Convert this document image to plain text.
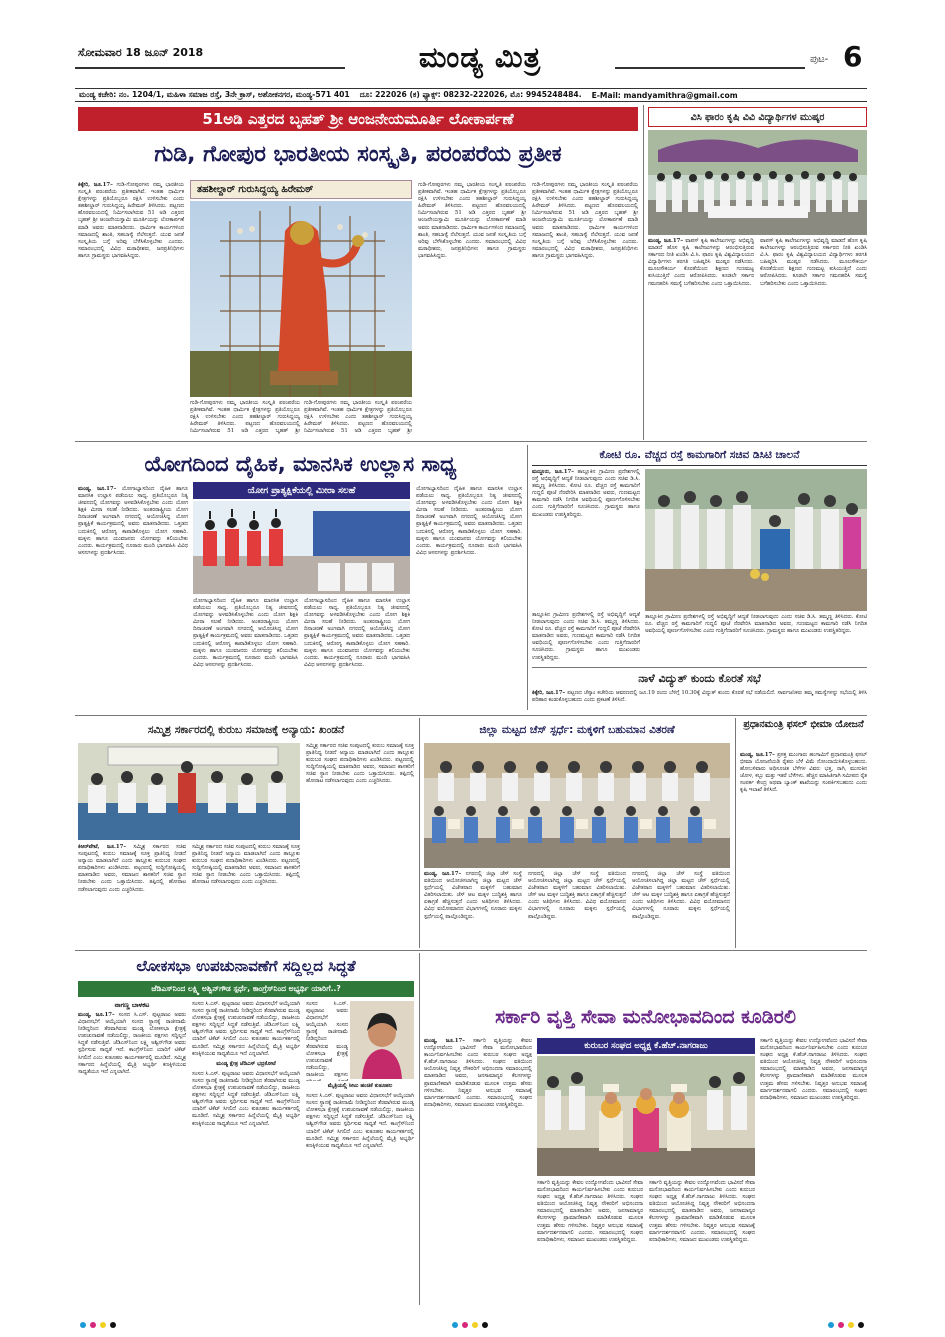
ಸೋಮವಾರ 18 ಜೂನ್ 2018	ಮಂಡ್ಯ ಮಿತ್ರ	ಪುಟ- 6
ಮಂಡ್ಯ ಕಚೇರಿ: ನಂ. 1204/1, ಮಹಿಳಾ ಸಮಾಜ ರಸ್ತೆ, 3ನೇ ಕ್ರಾಸ್, ಅಶೋಕನಗರ, ಮಂಡ್ಯ-571 401 ದೂ: 222026 (ಕ) ಫ್ಯಾಕ್ಸ್: 08232-222026, ಮೊ: 9945248484. E-Mail: mandyamithra@gmail.com
51ಅಡಿ ಎತ್ತರದ ಬೃಹತ್ ಶ್ರೀ ಆಂಜನೇಯಮೂರ್ತಿ ಲೋಕಾರ್ಪಣೆ
ಗುಡಿ, ಗೋಪುರ ಭಾರತೀಯ ಸಂಸ್ಕೃತಿ, ಪರಂಪರೆಯ ಪ್ರತೀಕ
ಕಿಕ್ಕೇರಿ, ಜೂ.17– ಗುಡಿ-ಗೋಪುರಗಳು ನಮ್ಮ ಭಾರತೀಯ ಸಂಸ್ಕೃತಿ ಪರಂಪರೆಯ ಪ್ರತೀಕವಾಗಿವೆ. ಇಂತಹ ಧಾರ್ಮಿಕ ಕ್ಷೇತ್ರಗಳನ್ನು ಪ್ರತಿಯೊಬ್ಬರೂ ರಕ್ಷಿಸಿ ಉಳಿಸಬೇಕು ಎಂದು ತಹಶೀಲ್ದಾರ್ ಗುರುಸಿದ್ದಯ್ಯ ಹಿರೇಮಠ್ ತಿಳಿಸಿದರು. ಪಟ್ಟಣದ ಹೊರವಲಯದಲ್ಲಿ ನಿರ್ಮಿಸಲಾಗಿರುವ 51 ಅಡಿ ಎತ್ತರದ ಬೃಹತ್ ಶ್ರೀ ಆಂಜನೇಯಸ್ವಾಮಿ ಮೂರ್ತಿಯನ್ನು ಲೋಕಾರ್ಪಣೆ ಮಾಡಿ ಅವರು ಮಾತನಾಡಿದರು. ಧಾರ್ಮಿಕ ಕಾರ್ಯಗಳಿಂದ ಸಮಾಜದಲ್ಲಿ ಶಾಂತಿ, ಸಹಬಾಳ್ವೆ ನೆಲೆಸುತ್ತದೆ. ಯುವ ಜನತೆ ಸಂಸ್ಕೃತಿಯ ಬಗ್ಗೆ ಅರಿವು ಬೆಳೆಸಿಕೊಳ್ಳಬೇಕು ಎಂದರು. ಸಮಾರಂಭದಲ್ಲಿ ವಿವಿಧ ಮಠಾಧೀಶರು, ಜನಪ್ರತಿನಿಧಿಗಳು ಹಾಗೂ ಗ್ರಾಮಸ್ಥರು ಭಾಗವಹಿಸಿದ್ದರು.
ತಹಶೀಲ್ದಾರ್ ಗುರುಸಿದ್ದಯ್ಯ ಹಿರೇಮಠ್
ಗುಡಿ-ಗೋಪುರಗಳು ನಮ್ಮ ಭಾರತೀಯ ಸಂಸ್ಕೃತಿ ಪರಂಪರೆಯ ಪ್ರತೀಕವಾಗಿವೆ. ಇಂತಹ ಧಾರ್ಮಿಕ ಕ್ಷೇತ್ರಗಳನ್ನು ಪ್ರತಿಯೊಬ್ಬರೂ ರಕ್ಷಿಸಿ ಉಳಿಸಬೇಕು ಎಂದು ತಹಶೀಲ್ದಾರ್ ಗುರುಸಿದ್ದಯ್ಯ ಹಿರೇಮಠ್ ತಿಳಿಸಿದರು. ಪಟ್ಟಣದ ಹೊರವಲಯದಲ್ಲಿ ನಿರ್ಮಿಸಲಾಗಿರುವ 51 ಅಡಿ ಎತ್ತರದ ಬೃಹತ್ ಶ್ರೀ
ಗುಡಿ-ಗೋಪುರಗಳು ನಮ್ಮ ಭಾರತೀಯ ಸಂಸ್ಕೃತಿ ಪರಂಪರೆಯ ಪ್ರತೀಕವಾಗಿವೆ. ಇಂತಹ ಧಾರ್ಮಿಕ ಕ್ಷೇತ್ರಗಳನ್ನು ಪ್ರತಿಯೊಬ್ಬರೂ ರಕ್ಷಿಸಿ ಉಳಿಸಬೇಕು ಎಂದು ತಹಶೀಲ್ದಾರ್ ಗುರುಸಿದ್ದಯ್ಯ ಹಿರೇಮಠ್ ತಿಳಿಸಿದರು. ಪಟ್ಟಣದ ಹೊರವಲಯದಲ್ಲಿ ನಿರ್ಮಿಸಲಾಗಿರುವ 51 ಅಡಿ ಎತ್ತರದ ಬೃಹತ್ ಶ್ರೀ
ಗುಡಿ-ಗೋಪುರಗಳು ನಮ್ಮ ಭಾರತೀಯ ಸಂಸ್ಕೃತಿ ಪರಂಪರೆಯ ಪ್ರತೀಕವಾಗಿವೆ. ಇಂತಹ ಧಾರ್ಮಿಕ ಕ್ಷೇತ್ರಗಳನ್ನು ಪ್ರತಿಯೊಬ್ಬರೂ ರಕ್ಷಿಸಿ ಉಳಿಸಬೇಕು ಎಂದು ತಹಶೀಲ್ದಾರ್ ಗುರುಸಿದ್ದಯ್ಯ ಹಿರೇಮಠ್ ತಿಳಿಸಿದರು. ಪಟ್ಟಣದ ಹೊರವಲಯದಲ್ಲಿ ನಿರ್ಮಿಸಲಾಗಿರುವ 51 ಅಡಿ ಎತ್ತರದ ಬೃಹತ್ ಶ್ರೀ ಆಂಜನೇಯಸ್ವಾಮಿ ಮೂರ್ತಿಯನ್ನು ಲೋಕಾರ್ಪಣೆ ಮಾಡಿ ಅವರು ಮಾತನಾಡಿದರು. ಧಾರ್ಮಿಕ ಕಾರ್ಯಗಳಿಂದ ಸಮಾಜದಲ್ಲಿ ಶಾಂತಿ, ಸಹಬಾಳ್ವೆ ನೆಲೆಸುತ್ತದೆ. ಯುವ ಜನತೆ ಸಂಸ್ಕೃತಿಯ ಬಗ್ಗೆ ಅರಿವು ಬೆಳೆಸಿಕೊಳ್ಳಬೇಕು ಎಂದರು. ಸಮಾರಂಭದಲ್ಲಿ ವಿವಿಧ ಮಠಾಧೀಶರು, ಜನಪ್ರತಿನಿಧಿಗಳು ಹಾಗೂ ಗ್ರಾಮಸ್ಥರು ಭಾಗವಹಿಸಿದ್ದರು.
ಗುಡಿ-ಗೋಪುರಗಳು ನಮ್ಮ ಭಾರತೀಯ ಸಂಸ್ಕೃತಿ ಪರಂಪರೆಯ ಪ್ರತೀಕವಾಗಿವೆ. ಇಂತಹ ಧಾರ್ಮಿಕ ಕ್ಷೇತ್ರಗಳನ್ನು ಪ್ರತಿಯೊಬ್ಬರೂ ರಕ್ಷಿಸಿ ಉಳಿಸಬೇಕು ಎಂದು ತಹಶೀಲ್ದಾರ್ ಗುರುಸಿದ್ದಯ್ಯ ಹಿರೇಮಠ್ ತಿಳಿಸಿದರು. ಪಟ್ಟಣದ ಹೊರವಲಯದಲ್ಲಿ ನಿರ್ಮಿಸಲಾಗಿರುವ 51 ಅಡಿ ಎತ್ತರದ ಬೃಹತ್ ಶ್ರೀ ಆಂಜನೇಯಸ್ವಾಮಿ ಮೂರ್ತಿಯನ್ನು ಲೋಕಾರ್ಪಣೆ ಮಾಡಿ ಅವರು ಮಾತನಾಡಿದರು. ಧಾರ್ಮಿಕ ಕಾರ್ಯಗಳಿಂದ ಸಮಾಜದಲ್ಲಿ ಶಾಂತಿ, ಸಹಬಾಳ್ವೆ ನೆಲೆಸುತ್ತದೆ. ಯುವ ಜನತೆ ಸಂಸ್ಕೃತಿಯ ಬಗ್ಗೆ ಅರಿವು ಬೆಳೆಸಿಕೊಳ್ಳಬೇಕು ಎಂದರು. ಸಮಾರಂಭದಲ್ಲಿ ವಿವಿಧ ಮಠಾಧೀಶರು, ಜನಪ್ರತಿನಿಧಿಗಳು ಹಾಗೂ ಗ್ರಾಮಸ್ಥರು ಭಾಗವಹಿಸಿದ್ದರು.
ವಿಸಿ ಫಾರಂ ಕೃಷಿ ವಿವಿ ವಿದ್ಯಾರ್ಥಿಗಳ ಮುಷ್ಕರ
ಮಂಡ್ಯ, ಜೂ.17– ವಾಪಸ್ ಕೃಷಿ ಕಾಲೇಜುಗಳನ್ನು ಅಭಿವೃದ್ಧಿ ಮಾಡದೆ ಹೊಸ ಕೃಷಿ ಕಾಲೇಜುಗಳನ್ನು ಆರಂಭಿಸುತ್ತಿರುವ ಸರ್ಕಾರದ ನೀತಿ ಖಂಡಿಸಿ ವಿ.ಸಿ. ಫಾರಂ ಕೃಷಿ ವಿಶ್ವವಿದ್ಯಾಲಯದ ವಿದ್ಯಾರ್ಥಿಗಳು ತರಗತಿ ಬಹಿಷ್ಕರಿಸಿ ಮುಷ್ಕರ ನಡೆಸಿದರು. ಮೂಲಸೌಕರ್ಯ ಕೊರತೆಯಿಂದ ಶಿಕ್ಷಣದ ಗುಣಮಟ್ಟ ಕುಸಿಯುತ್ತಿದೆ ಎಂದು ಆರೋಪಿಸಿದರು. ಕೂಡಲೇ ಸರ್ಕಾರ ಗಮನಹರಿಸಿ ಸಮಸ್ಯೆ ಬಗೆಹರಿಸಬೇಕು ಎಂದು ಒತ್ತಾಯಿಸಿದರು.
ವಾಪಸ್ ಕೃಷಿ ಕಾಲೇಜುಗಳನ್ನು ಅಭಿವೃದ್ಧಿ ಮಾಡದೆ ಹೊಸ ಕೃಷಿ ಕಾಲೇಜುಗಳನ್ನು ಆರಂಭಿಸುತ್ತಿರುವ ಸರ್ಕಾರದ ನೀತಿ ಖಂಡಿಸಿ ವಿ.ಸಿ. ಫಾರಂ ಕೃಷಿ ವಿಶ್ವವಿದ್ಯಾಲಯದ ವಿದ್ಯಾರ್ಥಿಗಳು ತರಗತಿ ಬಹಿಷ್ಕರಿಸಿ ಮುಷ್ಕರ ನಡೆಸಿದರು. ಮೂಲಸೌಕರ್ಯ ಕೊರತೆಯಿಂದ ಶಿಕ್ಷಣದ ಗುಣಮಟ್ಟ ಕುಸಿಯುತ್ತಿದೆ ಎಂದು ಆರೋಪಿಸಿದರು. ಕೂಡಲೇ ಸರ್ಕಾರ ಗಮನಹರಿಸಿ ಸಮಸ್ಯೆ ಬಗೆಹರಿಸಬೇಕು ಎಂದು ಒತ್ತಾಯಿಸಿದರು.
ಯೋಗದಿಂದ ದೈಹಿಕ, ಮಾನಸಿಕ ಉಲ್ಲಾಸ ಸಾಧ್ಯ
ಮಂಡ್ಯ, ಜೂ.17– ಯೋಗಾಭ್ಯಾಸದಿಂದ ದೈಹಿಕ ಹಾಗೂ ಮಾನಸಿಕ ಉಲ್ಲಾಸ ಪಡೆಯಲು ಸಾಧ್ಯ. ಪ್ರತಿಯೊಬ್ಬರೂ ನಿತ್ಯ ಜೀವನದಲ್ಲಿ ಯೋಗವನ್ನು ಅಳವಡಿಸಿಕೊಳ್ಳಬೇಕು ಎಂದು ಯೋಗ ಶಿಕ್ಷಕಿ ಮೀರಾ ಸಲಹೆ ನೀಡಿದರು. ಅಂತರರಾಷ್ಟ್ರೀಯ ಯೋಗ ದಿನಾಚರಣೆ ಅಂಗವಾಗಿ ನಗರದಲ್ಲಿ ಆಯೋಜಿಸಿದ್ದ ಯೋಗ ಪ್ರಾತ್ಯಕ್ಷಿಕೆ ಕಾರ್ಯಕ್ರಮದಲ್ಲಿ ಅವರು ಮಾತನಾಡಿದರು. ಒತ್ತಡದ ಬದುಕಿನಲ್ಲಿ ಆರೋಗ್ಯ ಕಾಪಾಡಿಕೊಳ್ಳಲು ಯೋಗ ಸಹಕಾರಿ. ಮಕ್ಕಳು ಹಾಗೂ ಯುವಜನರು ಯೋಗವನ್ನು ಕಲಿಯಬೇಕು ಎಂದರು. ಕಾರ್ಯಕ್ರಮದಲ್ಲಿ ನೂರಾರು ಮಂದಿ ಭಾಗವಹಿಸಿ ವಿವಿಧ ಆಸನಗಳನ್ನು ಪ್ರದರ್ಶಿಸಿದರು.
ಯೋಗ ಪ್ರಾತ್ಯಕ್ಷಿಕೆಯಲ್ಲಿ ಮೀರಾ ಸಲಹೆ
ಯೋಗಾಭ್ಯಾಸದಿಂದ ದೈಹಿಕ ಹಾಗೂ ಮಾನಸಿಕ ಉಲ್ಲಾಸ ಪಡೆಯಲು ಸಾಧ್ಯ. ಪ್ರತಿಯೊಬ್ಬರೂ ನಿತ್ಯ ಜೀವನದಲ್ಲಿ ಯೋಗವನ್ನು ಅಳವಡಿಸಿಕೊಳ್ಳಬೇಕು ಎಂದು ಯೋಗ ಶಿಕ್ಷಕಿ ಮೀರಾ ಸಲಹೆ ನೀಡಿದರು. ಅಂತರರಾಷ್ಟ್ರೀಯ ಯೋಗ ದಿನಾಚರಣೆ ಅಂಗವಾಗಿ ನಗರದಲ್ಲಿ ಆಯೋಜಿಸಿದ್ದ ಯೋಗ ಪ್ರಾತ್ಯಕ್ಷಿಕೆ ಕಾರ್ಯಕ್ರಮದಲ್ಲಿ ಅವರು ಮಾತನಾಡಿದರು. ಒತ್ತಡದ ಬದುಕಿನಲ್ಲಿ ಆರೋಗ್ಯ ಕಾಪಾಡಿಕೊಳ್ಳಲು ಯೋಗ ಸಹಕಾರಿ. ಮಕ್ಕಳು ಹಾಗೂ ಯುವಜನರು ಯೋಗವನ್ನು ಕಲಿಯಬೇಕು ಎಂದರು. ಕಾರ್ಯಕ್ರಮದಲ್ಲಿ ನೂರಾರು ಮಂದಿ ಭಾಗವಹಿಸಿ ವಿವಿಧ ಆಸನಗಳನ್ನು ಪ್ರದರ್ಶಿಸಿದರು.
ಯೋಗಾಭ್ಯಾಸದಿಂದ ದೈಹಿಕ ಹಾಗೂ ಮಾನಸಿಕ ಉಲ್ಲಾಸ ಪಡೆಯಲು ಸಾಧ್ಯ. ಪ್ರತಿಯೊಬ್ಬರೂ ನಿತ್ಯ ಜೀವನದಲ್ಲಿ ಯೋಗವನ್ನು ಅಳವಡಿಸಿಕೊಳ್ಳಬೇಕು ಎಂದು ಯೋಗ ಶಿಕ್ಷಕಿ ಮೀರಾ ಸಲಹೆ ನೀಡಿದರು. ಅಂತರರಾಷ್ಟ್ರೀಯ ಯೋಗ ದಿನಾಚರಣೆ ಅಂಗವಾಗಿ ನಗರದಲ್ಲಿ ಆಯೋಜಿಸಿದ್ದ ಯೋಗ ಪ್ರಾತ್ಯಕ್ಷಿಕೆ ಕಾರ್ಯಕ್ರಮದಲ್ಲಿ ಅವರು ಮಾತನಾಡಿದರು. ಒತ್ತಡದ ಬದುಕಿನಲ್ಲಿ ಆರೋಗ್ಯ ಕಾಪಾಡಿಕೊಳ್ಳಲು ಯೋಗ ಸಹಕಾರಿ. ಮಕ್ಕಳು ಹಾಗೂ ಯುವಜನರು ಯೋಗವನ್ನು ಕಲಿಯಬೇಕು ಎಂದರು. ಕಾರ್ಯಕ್ರಮದಲ್ಲಿ ನೂರಾರು ಮಂದಿ ಭಾಗವಹಿಸಿ ವಿವಿಧ ಆಸನಗಳನ್ನು ಪ್ರದರ್ಶಿಸಿದರು.
ಯೋಗಾಭ್ಯಾಸದಿಂದ ದೈಹಿಕ ಹಾಗೂ ಮಾನಸಿಕ ಉಲ್ಲಾಸ ಪಡೆಯಲು ಸಾಧ್ಯ. ಪ್ರತಿಯೊಬ್ಬರೂ ನಿತ್ಯ ಜೀವನದಲ್ಲಿ ಯೋಗವನ್ನು ಅಳವಡಿಸಿಕೊಳ್ಳಬೇಕು ಎಂದು ಯೋಗ ಶಿಕ್ಷಕಿ ಮೀರಾ ಸಲಹೆ ನೀಡಿದರು. ಅಂತರರಾಷ್ಟ್ರೀಯ ಯೋಗ ದಿನಾಚರಣೆ ಅಂಗವಾಗಿ ನಗರದಲ್ಲಿ ಆಯೋಜಿಸಿದ್ದ ಯೋಗ ಪ್ರಾತ್ಯಕ್ಷಿಕೆ ಕಾರ್ಯಕ್ರಮದಲ್ಲಿ ಅವರು ಮಾತನಾಡಿದರು. ಒತ್ತಡದ ಬದುಕಿನಲ್ಲಿ ಆರೋಗ್ಯ ಕಾಪಾಡಿಕೊಳ್ಳಲು ಯೋಗ ಸಹಕಾರಿ. ಮಕ್ಕಳು ಹಾಗೂ ಯುವಜನರು ಯೋಗವನ್ನು ಕಲಿಯಬೇಕು ಎಂದರು. ಕಾರ್ಯಕ್ರಮದಲ್ಲಿ ನೂರಾರು ಮಂದಿ ಭಾಗವಹಿಸಿ ವಿವಿಧ ಆಸನಗಳನ್ನು ಪ್ರದರ್ಶಿಸಿದರು.
ಕೋಟಿ ರೂ. ವೆಚ್ಚದ ರಸ್ತೆ ಕಾಮಗಾರಿಗೆ ಸಚಿವ ಡಿಸಿಟಿ ಚಾಲನೆ
ಮದ್ದೂರು, ಜೂ.17– ತಾಲ್ಲೂಕಿನ ಗ್ರಾಮೀಣ ಪ್ರದೇಶಗಳಲ್ಲಿ ರಸ್ತೆ ಅಭಿವೃದ್ಧಿಗೆ ಆದ್ಯತೆ ನೀಡಲಾಗುವುದು ಎಂದು ಸಚಿವ ಡಿ.ಸಿ. ತಮ್ಮಣ್ಣ ತಿಳಿಸಿದರು. ಕೋಟಿ ರೂ. ವೆಚ್ಚದ ರಸ್ತೆ ಕಾಮಗಾರಿಗೆ ಗುದ್ದಲಿ ಪೂಜೆ ನೆರವೇರಿಸಿ ಮಾತನಾಡಿದ ಅವರು, ಗುಣಮಟ್ಟದ ಕಾಮಗಾರಿ ನಡೆಸಿ ನಿಗದಿತ ಅವಧಿಯಲ್ಲಿ ಪೂರ್ಣಗೊಳಿಸಬೇಕು ಎಂದು ಗುತ್ತಿಗೆದಾರರಿಗೆ ಸೂಚಿಸಿದರು. ಗ್ರಾಮಸ್ಥರು ಹಾಗೂ ಮುಖಂಡರು ಉಪಸ್ಥಿತರಿದ್ದರು.
ತಾಲ್ಲೂಕಿನ ಗ್ರಾಮೀಣ ಪ್ರದೇಶಗಳಲ್ಲಿ ರಸ್ತೆ ಅಭಿವೃದ್ಧಿಗೆ ಆದ್ಯತೆ ನೀಡಲಾಗುವುದು ಎಂದು ಸಚಿವ ಡಿ.ಸಿ. ತಮ್ಮಣ್ಣ ತಿಳಿಸಿದರು. ಕೋಟಿ ರೂ. ವೆಚ್ಚದ ರಸ್ತೆ ಕಾಮಗಾರಿಗೆ ಗುದ್ದಲಿ ಪೂಜೆ ನೆರವೇರಿಸಿ ಮಾತನಾಡಿದ ಅವರು, ಗುಣಮಟ್ಟದ ಕಾಮಗಾರಿ ನಡೆಸಿ ನಿಗದಿತ ಅವಧಿಯಲ್ಲಿ ಪೂರ್ಣಗೊಳಿಸಬೇಕು ಎಂದು ಗುತ್ತಿಗೆದಾರರಿಗೆ ಸೂಚಿಸಿದರು. ಗ್ರಾಮಸ್ಥರು ಹಾಗೂ ಮುಖಂಡರು ಉಪಸ್ಥಿತರಿದ್ದರು.
ತಾಲ್ಲೂಕಿನ ಗ್ರಾಮೀಣ ಪ್ರದೇಶಗಳಲ್ಲಿ ರಸ್ತೆ ಅಭಿವೃದ್ಧಿಗೆ ಆದ್ಯತೆ ನೀಡಲಾಗುವುದು ಎಂದು ಸಚಿವ ಡಿ.ಸಿ. ತಮ್ಮಣ್ಣ ತಿಳಿಸಿದರು. ಕೋಟಿ ರೂ. ವೆಚ್ಚದ ರಸ್ತೆ ಕಾಮಗಾರಿಗೆ ಗುದ್ದಲಿ ಪೂಜೆ ನೆರವೇರಿಸಿ ಮಾತನಾಡಿದ ಅವರು, ಗುಣಮಟ್ಟದ ಕಾಮಗಾರಿ ನಡೆಸಿ ನಿಗದಿತ ಅವಧಿಯಲ್ಲಿ ಪೂರ್ಣಗೊಳಿಸಬೇಕು ಎಂದು ಗುತ್ತಿಗೆದಾರರಿಗೆ ಸೂಚಿಸಿದರು. ಗ್ರಾಮಸ್ಥರು ಹಾಗೂ ಮುಖಂಡರು ಉಪಸ್ಥಿತರಿದ್ದರು.
ನಾಳೆ ವಿದ್ಯುತ್ ಕುಂದು ಕೊರತೆ ಸಭೆ
ಕಿಕ್ಕೇರಿ, ಜೂ.17– ಪಟ್ಟಣದ ಚೆಸ್ಕಾಂ ಕಚೇರಿಯ ಆವರಣದಲ್ಲಿ ಜೂ.19 ರಂದು ಬೆಳಿಗ್ಗೆ 10.30ಕ್ಕೆ ವಿದ್ಯುತ್ ಕುಂದು ಕೊರತೆ ಸಭೆ ನಡೆಯಲಿದೆ. ಸಾರ್ವಜನಿಕರು ತಮ್ಮ ಸಮಸ್ಯೆಗಳನ್ನು ಸಭೆಯಲ್ಲಿ ತಿಳಿಸಿ ಪರಿಹಾರ ಕಂಡುಕೊಳ್ಳಬಹುದು ಎಂದು ಪ್ರಕಟಣೆ ತಿಳಿಸಿದೆ.
ಸಮ್ಮಿಶ್ರ ಸರ್ಕಾರದಲ್ಲಿ ಕುರುಬ ಸಮಾಜಕ್ಕೆ ಅನ್ಯಾಯ: ಖಂಡನೆ
ಕಿಆರ್‌ಪೇಟೆ, ಜೂ.17– ಸಮ್ಮಿಶ್ರ ಸರ್ಕಾರದ ಸಚಿವ ಸಂಪುಟದಲ್ಲಿ ಕುರುಬ ಸಮಾಜಕ್ಕೆ ಸೂಕ್ತ ಪ್ರಾತಿನಿಧ್ಯ ನೀಡದೆ ಅನ್ಯಾಯ ಮಾಡಲಾಗಿದೆ ಎಂದು ತಾಲ್ಲೂಕು ಕುರುಬರ ಸಂಘದ ಪದಾಧಿಕಾರಿಗಳು ಖಂಡಿಸಿದರು. ಪಟ್ಟಣದಲ್ಲಿ ಸುದ್ದಿಗೋಷ್ಠಿಯಲ್ಲಿ ಮಾತನಾಡಿದ ಅವರು, ಸಮಾಜದ ಶಾಸಕರಿಗೆ ಸಚಿವ ಸ್ಥಾನ ನೀಡಬೇಕು ಎಂದು ಒತ್ತಾಯಿಸಿದರು. ತಪ್ಪಿದಲ್ಲಿ ಹೋರಾಟ ನಡೆಸಲಾಗುವುದು ಎಂದು ಎಚ್ಚರಿಸಿದರು.
ಸಮ್ಮಿಶ್ರ ಸರ್ಕಾರದ ಸಚಿವ ಸಂಪುಟದಲ್ಲಿ ಕುರುಬ ಸಮಾಜಕ್ಕೆ ಸೂಕ್ತ ಪ್ರಾತಿನಿಧ್ಯ ನೀಡದೆ ಅನ್ಯಾಯ ಮಾಡಲಾಗಿದೆ ಎಂದು ತಾಲ್ಲೂಕು ಕುರುಬರ ಸಂಘದ ಪದಾಧಿಕಾರಿಗಳು ಖಂಡಿಸಿದರು. ಪಟ್ಟಣದಲ್ಲಿ ಸುದ್ದಿಗೋಷ್ಠಿಯಲ್ಲಿ ಮಾತನಾಡಿದ ಅವರು, ಸಮಾಜದ ಶಾಸಕರಿಗೆ ಸಚಿವ ಸ್ಥಾನ ನೀಡಬೇಕು ಎಂದು ಒತ್ತಾಯಿಸಿದರು. ತಪ್ಪಿದಲ್ಲಿ ಹೋರಾಟ ನಡೆಸಲಾಗುವುದು ಎಂದು ಎಚ್ಚರಿಸಿದರು.
ಸಮ್ಮಿಶ್ರ ಸರ್ಕಾರದ ಸಚಿವ ಸಂಪುಟದಲ್ಲಿ ಕುರುಬ ಸಮಾಜಕ್ಕೆ ಸೂಕ್ತ ಪ್ರಾತಿನಿಧ್ಯ ನೀಡದೆ ಅನ್ಯಾಯ ಮಾಡಲಾಗಿದೆ ಎಂದು ತಾಲ್ಲೂಕು ಕುರುಬರ ಸಂಘದ ಪದಾಧಿಕಾರಿಗಳು ಖಂಡಿಸಿದರು. ಪಟ್ಟಣದಲ್ಲಿ ಸುದ್ದಿಗೋಷ್ಠಿಯಲ್ಲಿ ಮಾತನಾಡಿದ ಅವರು, ಸಮಾಜದ ಶಾಸಕರಿಗೆ ಸಚಿವ ಸ್ಥಾನ ನೀಡಬೇಕು ಎಂದು ಒತ್ತಾಯಿಸಿದರು. ತಪ್ಪಿದಲ್ಲಿ ಹೋರಾಟ ನಡೆಸಲಾಗುವುದು ಎಂದು ಎಚ್ಚರಿಸಿದರು.
ಜಿಲ್ಲಾ ಮಟ್ಟದ ಚೆಸ್ ಸ್ಪರ್ಧೆ: ಮಕ್ಕಳಿಗೆ ಬಹುಮಾನ ವಿತರಣೆ
ಮಂಡ್ಯ, ಜೂ.17– ನಗರದಲ್ಲಿ ಜಿಲ್ಲಾ ಚೆಸ್ ಸಂಸ್ಥೆ ವತಿಯಿಂದ ಆಯೋಜಿಸಲಾಗಿದ್ದ ಜಿಲ್ಲಾ ಮಟ್ಟದ ಚೆಸ್ ಸ್ಪರ್ಧೆಯಲ್ಲಿ ವಿಜೇತರಾದ ಮಕ್ಕಳಿಗೆ ಬಹುಮಾನ ವಿತರಿಸಲಾಯಿತು. ಚೆಸ್ ಆಟ ಮಕ್ಕಳ ಬುದ್ಧಿಶಕ್ತಿ ಹಾಗೂ ಏಕಾಗ್ರತೆ ಹೆಚ್ಚಿಸುತ್ತದೆ ಎಂದು ಅತಿಥಿಗಳು ತಿಳಿಸಿದರು. ವಿವಿಧ ವಯೋಮಾನದ ವಿಭಾಗಗಳಲ್ಲಿ ನೂರಾರು ಮಕ್ಕಳು ಸ್ಪರ್ಧೆಯಲ್ಲಿ ಪಾಲ್ಗೊಂಡಿದ್ದರು.
ನಗರದಲ್ಲಿ ಜಿಲ್ಲಾ ಚೆಸ್ ಸಂಸ್ಥೆ ವತಿಯಿಂದ ಆಯೋಜಿಸಲಾಗಿದ್ದ ಜಿಲ್ಲಾ ಮಟ್ಟದ ಚೆಸ್ ಸ್ಪರ್ಧೆಯಲ್ಲಿ ವಿಜೇತರಾದ ಮಕ್ಕಳಿಗೆ ಬಹುಮಾನ ವಿತರಿಸಲಾಯಿತು. ಚೆಸ್ ಆಟ ಮಕ್ಕಳ ಬುದ್ಧಿಶಕ್ತಿ ಹಾಗೂ ಏಕಾಗ್ರತೆ ಹೆಚ್ಚಿಸುತ್ತದೆ ಎಂದು ಅತಿಥಿಗಳು ತಿಳಿಸಿದರು. ವಿವಿಧ ವಯೋಮಾನದ ವಿಭಾಗಗಳಲ್ಲಿ ನೂರಾರು ಮಕ್ಕಳು ಸ್ಪರ್ಧೆಯಲ್ಲಿ ಪಾಲ್ಗೊಂಡಿದ್ದರು.
ನಗರದಲ್ಲಿ ಜಿಲ್ಲಾ ಚೆಸ್ ಸಂಸ್ಥೆ ವತಿಯಿಂದ ಆಯೋಜಿಸಲಾಗಿದ್ದ ಜಿಲ್ಲಾ ಮಟ್ಟದ ಚೆಸ್ ಸ್ಪರ್ಧೆಯಲ್ಲಿ ವಿಜೇತರಾದ ಮಕ್ಕಳಿಗೆ ಬಹುಮಾನ ವಿತರಿಸಲಾಯಿತು. ಚೆಸ್ ಆಟ ಮಕ್ಕಳ ಬುದ್ಧಿಶಕ್ತಿ ಹಾಗೂ ಏಕಾಗ್ರತೆ ಹೆಚ್ಚಿಸುತ್ತದೆ ಎಂದು ಅತಿಥಿಗಳು ತಿಳಿಸಿದರು. ವಿವಿಧ ವಯೋಮಾನದ ವಿಭಾಗಗಳಲ್ಲಿ ನೂರಾರು ಮಕ್ಕಳು ಸ್ಪರ್ಧೆಯಲ್ಲಿ ಪಾಲ್ಗೊಂಡಿದ್ದರು.
ಪ್ರಧಾನಮಂತ್ರಿ ಫಸಲ್ ಭೀಮಾ ಯೋಜನೆ
ಮಂಡ್ಯ, ಜೂ.17– ಪ್ರಸಕ್ತ ಮುಂಗಾರು ಹಂಗಾಮಿಗೆ ಪ್ರಧಾನಮಂತ್ರಿ ಫಸಲ್ ಭೀಮಾ ಯೋಜನೆಯಡಿ ರೈತರು ಬೆಳೆ ವಿಮೆ ನೋಂದಾಯಿಸಿಕೊಳ್ಳಬಹುದು. ಹೋಬಳಿವಾರು ಅಧಿಸೂಚಿತ ಬೆಳೆಗಳ ವಿವರ: ಭತ್ತ, ರಾಗಿ, ಮುಸುಕಿನ ಜೋಳ, ಕಬ್ಬು ಮತ್ತು ಇತರೆ ಬೆಳೆಗಳು. ಹೆಚ್ಚಿನ ಮಾಹಿತಿಗಾಗಿ ಸಮೀಪದ ರೈತ ಸಂಪರ್ಕ ಕೇಂದ್ರ ಅಥವಾ ಬ್ಯಾಂಕ್ ಶಾಖೆಯನ್ನು ಸಂಪರ್ಕಿಸಬಹುದು ಎಂದು ಕೃಷಿ ಇಲಾಖೆ ತಿಳಿಸಿದೆ.
ಲೋಕಸಭಾ ಉಪಚುನಾವಣೆಗೆ ಸದ್ದಿಲ್ಲದ ಸಿದ್ಧತೆ
ಜೆಡಿಎಸ್‌ನಿಂದ ಲಕ್ಷ್ಮಿ ಅಶ್ವಿನ್‌ಗೌಡ ಸ್ಪರ್ಧೆ, ಕಾಂಗ್ರೆಸ್‌ನಿಂದ ಅಭ್ಯರ್ಥಿ ಯಾರಿಗೆ..?
ನಾಗಣ್ಣ ಬಾಳಕಟ
ಮಂಡ್ಯ, ಜೂ.17– ಸಂಸದ ಸಿ.ಎಸ್. ಪುಟ್ಟರಾಜು ಅವರು ವಿಧಾನಸಭೆಗೆ ಆಯ್ಕೆಯಾಗಿ ಸಂಸದ ಸ್ಥಾನಕ್ಕೆ ರಾಜೀನಾಮೆ ನೀಡಿದ್ದರಿಂದ ತೆರವಾಗಿರುವ ಮಂಡ್ಯ ಲೋಕಸಭಾ ಕ್ಷೇತ್ರಕ್ಕೆ ಉಪಚುನಾವಣೆ ನಡೆಯಲಿದ್ದು, ರಾಜಕೀಯ ಪಕ್ಷಗಳು ಸದ್ದಿಲ್ಲದೆ ಸಿದ್ಧತೆ ನಡೆಸುತ್ತಿವೆ. ಜೆಡಿಎಸ್‌ನಿಂದ ಲಕ್ಷ್ಮಿ ಅಶ್ವಿನ್‌ಗೌಡ ಅವರು ಸ್ಪರ್ಧಿಸುವ ಸಾಧ್ಯತೆ ಇದೆ. ಕಾಂಗ್ರೆಸ್‌ನಿಂದ ಯಾರಿಗೆ ಟಿಕೆಟ್ ಸಿಗಲಿದೆ ಎಂಬ ಕುತೂಹಲ ಕಾರ್ಯಕರ್ತರಲ್ಲಿ ಮೂಡಿದೆ. ಸಮ್ಮಿಶ್ರ ಸರ್ಕಾರದ ಹಿನ್ನೆಲೆಯಲ್ಲಿ ಮೈತ್ರಿ ಅಭ್ಯರ್ಥಿ ಕಣಕ್ಕಿಳಿಯುವ ಸಾಧ್ಯತೆಯೂ ಇದೆ ಎನ್ನಲಾಗಿದೆ.
ಸಂಸದ ಸಿ.ಎಸ್. ಪುಟ್ಟರಾಜು ಅವರು ವಿಧಾನಸಭೆಗೆ ಆಯ್ಕೆಯಾಗಿ ಸಂಸದ ಸ್ಥಾನಕ್ಕೆ ರಾಜೀನಾಮೆ ನೀಡಿದ್ದರಿಂದ ತೆರವಾಗಿರುವ ಮಂಡ್ಯ ಲೋಕಸಭಾ ಕ್ಷೇತ್ರಕ್ಕೆ ಉಪಚುನಾವಣೆ ನಡೆಯಲಿದ್ದು, ರಾಜಕೀಯ ಪಕ್ಷಗಳು ಸದ್ದಿಲ್ಲದೆ ಸಿದ್ಧತೆ ನಡೆಸುತ್ತಿವೆ. ಜೆಡಿಎಸ್‌ನಿಂದ ಲಕ್ಷ್ಮಿ ಅಶ್ವಿನ್‌ಗೌಡ ಅವರು ಸ್ಪರ್ಧಿಸುವ ಸಾಧ್ಯತೆ ಇದೆ. ಕಾಂಗ್ರೆಸ್‌ನಿಂದ ಯಾರಿಗೆ ಟಿಕೆಟ್ ಸಿಗಲಿದೆ ಎಂಬ ಕುತೂಹಲ ಕಾರ್ಯಕರ್ತರಲ್ಲಿ ಮೂಡಿದೆ. ಸಮ್ಮಿಶ್ರ ಸರ್ಕಾರದ ಹಿನ್ನೆಲೆಯಲ್ಲಿ ಮೈತ್ರಿ ಅಭ್ಯರ್ಥಿ ಕಣಕ್ಕಿಳಿಯುವ ಸಾಧ್ಯತೆಯೂ ಇದೆ ಎನ್ನಲಾಗಿದೆ.
ಮಂಡ್ಯ ಕ್ಷೇತ್ರ ಜೆಡಿಎಸ್ ಭದ್ರಕೋಟೆ
ಸಂಸದ ಸಿ.ಎಸ್. ಪುಟ್ಟರಾಜು ಅವರು ವಿಧಾನಸಭೆಗೆ ಆಯ್ಕೆಯಾಗಿ ಸಂಸದ ಸ್ಥಾನಕ್ಕೆ ರಾಜೀನಾಮೆ ನೀಡಿದ್ದರಿಂದ ತೆರವಾಗಿರುವ ಮಂಡ್ಯ ಲೋಕಸಭಾ ಕ್ಷೇತ್ರಕ್ಕೆ ಉಪಚುನಾವಣೆ ನಡೆಯಲಿದ್ದು, ರಾಜಕೀಯ ಪಕ್ಷಗಳು ಸದ್ದಿಲ್ಲದೆ ಸಿದ್ಧತೆ ನಡೆಸುತ್ತಿವೆ. ಜೆಡಿಎಸ್‌ನಿಂದ ಲಕ್ಷ್ಮಿ ಅಶ್ವಿನ್‌ಗೌಡ ಅವರು ಸ್ಪರ್ಧಿಸುವ ಸಾಧ್ಯತೆ ಇದೆ. ಕಾಂಗ್ರೆಸ್‌ನಿಂದ ಯಾರಿಗೆ ಟಿಕೆಟ್ ಸಿಗಲಿದೆ ಎಂಬ ಕುತೂಹಲ ಕಾರ್ಯಕರ್ತರಲ್ಲಿ ಮೂಡಿದೆ. ಸಮ್ಮಿಶ್ರ ಸರ್ಕಾರದ ಹಿನ್ನೆಲೆಯಲ್ಲಿ ಮೈತ್ರಿ ಅಭ್ಯರ್ಥಿ ಕಣಕ್ಕಿಳಿಯುವ ಸಾಧ್ಯತೆಯೂ ಇದೆ ಎನ್ನಲಾಗಿದೆ.
ಸಂಸದ ಸಿ.ಎಸ್. ಪುಟ್ಟರಾಜು ಅವರು ವಿಧಾನಸಭೆಗೆ ಆಯ್ಕೆಯಾಗಿ ಸಂಸದ ಸ್ಥಾನಕ್ಕೆ ರಾಜೀನಾಮೆ ನೀಡಿದ್ದರಿಂದ ತೆರವಾಗಿರುವ ಮಂಡ್ಯ ಲೋಕಸಭಾ ಕ್ಷೇತ್ರಕ್ಕೆ ಉಪಚುನಾವಣೆ ನಡೆಯಲಿದ್ದು, ರಾಜಕೀಯ ಪಕ್ಷಗಳು
ಮೈತ್ರಿಯಲ್ಲಿ ಸೀಟು ಹಂಚಿಕೆ ಕುತೂಹಲ
ಸಂಸದ ಸಿ.ಎಸ್. ಪುಟ್ಟರಾಜು ಅವರು ವಿಧಾನಸಭೆಗೆ ಆಯ್ಕೆಯಾಗಿ ಸಂಸದ ಸ್ಥಾನಕ್ಕೆ ರಾಜೀನಾಮೆ ನೀಡಿದ್ದರಿಂದ ತೆರವಾಗಿರುವ ಮಂಡ್ಯ ಲೋಕಸಭಾ ಕ್ಷೇತ್ರಕ್ಕೆ ಉಪಚುನಾವಣೆ ನಡೆಯಲಿದ್ದು, ರಾಜಕೀಯ ಪಕ್ಷಗಳು ಸದ್ದಿಲ್ಲದೆ ಸಿದ್ಧತೆ ನಡೆಸುತ್ತಿವೆ. ಜೆಡಿಎಸ್‌ನಿಂದ ಲಕ್ಷ್ಮಿ ಅಶ್ವಿನ್‌ಗೌಡ ಅವರು ಸ್ಪರ್ಧಿಸುವ ಸಾಧ್ಯತೆ ಇದೆ. ಕಾಂಗ್ರೆಸ್‌ನಿಂದ ಯಾರಿಗೆ ಟಿಕೆಟ್ ಸಿಗಲಿದೆ ಎಂಬ ಕುತೂಹಲ ಕಾರ್ಯಕರ್ತರಲ್ಲಿ ಮೂಡಿದೆ. ಸಮ್ಮಿಶ್ರ ಸರ್ಕಾರದ ಹಿನ್ನೆಲೆಯಲ್ಲಿ ಮೈತ್ರಿ ಅಭ್ಯರ್ಥಿ ಕಣಕ್ಕಿಳಿಯುವ ಸಾಧ್ಯತೆಯೂ ಇದೆ ಎನ್ನಲಾಗಿದೆ.
ಸರ್ಕಾರಿ ವೃತ್ತಿ ಸೇವಾ ಮನೋಭಾವದಿಂದ ಕೂಡಿರಲಿ
ಮಂಡ್ಯ, ಜೂ.17– ಸರ್ಕಾರಿ ವೃತ್ತಿಯನ್ನು ಕೇವಲ ಉದ್ಯೋಗವೆಂದು ಭಾವಿಸದೆ ಸೇವಾ ಮನೋಭಾವದಿಂದ ಕಾರ್ಯನಿರ್ವಹಿಸಬೇಕು ಎಂದು ಕುರುಬರ ಸಂಘದ ಅಧ್ಯಕ್ಷ ಕೆ.ಹೆಚ್.ನಾಗರಾಜು ತಿಳಿಸಿದರು. ಸಂಘದ ವತಿಯಿಂದ ಆಯೋಜಿಸಿದ್ದ ನಿವೃತ್ತ ನೌಕರರಿಗೆ ಅಭಿನಂದನಾ ಸಮಾರಂಭದಲ್ಲಿ ಮಾತನಾಡಿದ ಅವರು, ಜನಸಾಮಾನ್ಯರ ಕೆಲಸಗಳನ್ನು ಪ್ರಾಮಾಣಿಕವಾಗಿ ಮಾಡಿಕೊಡುವ ಮೂಲಕ ಉತ್ತಮ ಹೆಸರು ಗಳಿಸಬೇಕು. ನಿವೃತ್ತರ ಅನುಭವ ಸಮಾಜಕ್ಕೆ ಮಾರ್ಗದರ್ಶನವಾಗಲಿ ಎಂದರು. ಸಮಾರಂಭದಲ್ಲಿ ಸಂಘದ ಪದಾಧಿಕಾರಿಗಳು, ಸಮಾಜದ ಮುಖಂಡರು ಉಪಸ್ಥಿತರಿದ್ದರು.
ಕುರುಬರ ಸಂಘದ ಅಧ್ಯಕ್ಷ ಕೆ.ಹೆಚ್.ನಾಗರಾಜು
ಸರ್ಕಾರಿ ವೃತ್ತಿಯನ್ನು ಕೇವಲ ಉದ್ಯೋಗವೆಂದು ಭಾವಿಸದೆ ಸೇವಾ ಮನೋಭಾವದಿಂದ ಕಾರ್ಯನಿರ್ವಹಿಸಬೇಕು ಎಂದು ಕುರುಬರ ಸಂಘದ ಅಧ್ಯಕ್ಷ ಕೆ.ಹೆಚ್.ನಾಗರಾಜು ತಿಳಿಸಿದರು. ಸಂಘದ ವತಿಯಿಂದ ಆಯೋಜಿಸಿದ್ದ ನಿವೃತ್ತ ನೌಕರರಿಗೆ ಅಭಿನಂದನಾ ಸಮಾರಂಭದಲ್ಲಿ ಮಾತನಾಡಿದ ಅವರು, ಜನಸಾಮಾನ್ಯರ ಕೆಲಸಗಳನ್ನು ಪ್ರಾಮಾಣಿಕವಾಗಿ ಮಾಡಿಕೊಡುವ ಮೂಲಕ ಉತ್ತಮ ಹೆಸರು ಗಳಿಸಬೇಕು. ನಿವೃತ್ತರ ಅನುಭವ ಸಮಾಜಕ್ಕೆ ಮಾರ್ಗದರ್ಶನವಾಗಲಿ ಎಂದರು. ಸಮಾರಂಭದಲ್ಲಿ ಸಂಘದ ಪದಾಧಿಕಾರಿಗಳು, ಸಮಾಜದ ಮುಖಂಡರು ಉಪಸ್ಥಿತರಿದ್ದರು.
ಸರ್ಕಾರಿ ವೃತ್ತಿಯನ್ನು ಕೇವಲ ಉದ್ಯೋಗವೆಂದು ಭಾವಿಸದೆ ಸೇವಾ ಮನೋಭಾವದಿಂದ ಕಾರ್ಯನಿರ್ವಹಿಸಬೇಕು ಎಂದು ಕುರುಬರ ಸಂಘದ ಅಧ್ಯಕ್ಷ ಕೆ.ಹೆಚ್.ನಾಗರಾಜು ತಿಳಿಸಿದರು. ಸಂಘದ ವತಿಯಿಂದ ಆಯೋಜಿಸಿದ್ದ ನಿವೃತ್ತ ನೌಕರರಿಗೆ ಅಭಿನಂದನಾ ಸಮಾರಂಭದಲ್ಲಿ ಮಾತನಾಡಿದ ಅವರು, ಜನಸಾಮಾನ್ಯರ ಕೆಲಸಗಳನ್ನು ಪ್ರಾಮಾಣಿಕವಾಗಿ ಮಾಡಿಕೊಡುವ ಮೂಲಕ ಉತ್ತಮ ಹೆಸರು ಗಳಿಸಬೇಕು. ನಿವೃತ್ತರ ಅನುಭವ ಸಮಾಜಕ್ಕೆ ಮಾರ್ಗದರ್ಶನವಾಗಲಿ ಎಂದರು. ಸಮಾರಂಭದಲ್ಲಿ ಸಂಘದ ಪದಾಧಿಕಾರಿಗಳು, ಸಮಾಜದ ಮುಖಂಡರು ಉಪಸ್ಥಿತರಿದ್ದರು.
ಸರ್ಕಾರಿ ವೃತ್ತಿಯನ್ನು ಕೇವಲ ಉದ್ಯೋಗವೆಂದು ಭಾವಿಸದೆ ಸೇವಾ ಮನೋಭಾವದಿಂದ ಕಾರ್ಯನಿರ್ವಹಿಸಬೇಕು ಎಂದು ಕುರುಬರ ಸಂಘದ ಅಧ್ಯಕ್ಷ ಕೆ.ಹೆಚ್.ನಾಗರಾಜು ತಿಳಿಸಿದರು. ಸಂಘದ ವತಿಯಿಂದ ಆಯೋಜಿಸಿದ್ದ ನಿವೃತ್ತ ನೌಕರರಿಗೆ ಅಭಿನಂದನಾ ಸಮಾರಂಭದಲ್ಲಿ ಮಾತನಾಡಿದ ಅವರು, ಜನಸಾಮಾನ್ಯರ ಕೆಲಸಗಳನ್ನು ಪ್ರಾಮಾಣಿಕವಾಗಿ ಮಾಡಿಕೊಡುವ ಮೂಲಕ ಉತ್ತಮ ಹೆಸರು ಗಳಿಸಬೇಕು. ನಿವೃತ್ತರ ಅನುಭವ ಸಮಾಜಕ್ಕೆ ಮಾರ್ಗದರ್ಶನವಾಗಲಿ ಎಂದರು. ಸಮಾರಂಭದಲ್ಲಿ ಸಂಘದ ಪದಾಧಿಕಾರಿಗಳು, ಸಮಾಜದ ಮುಖಂಡರು ಉಪಸ್ಥಿತರಿದ್ದರು.
